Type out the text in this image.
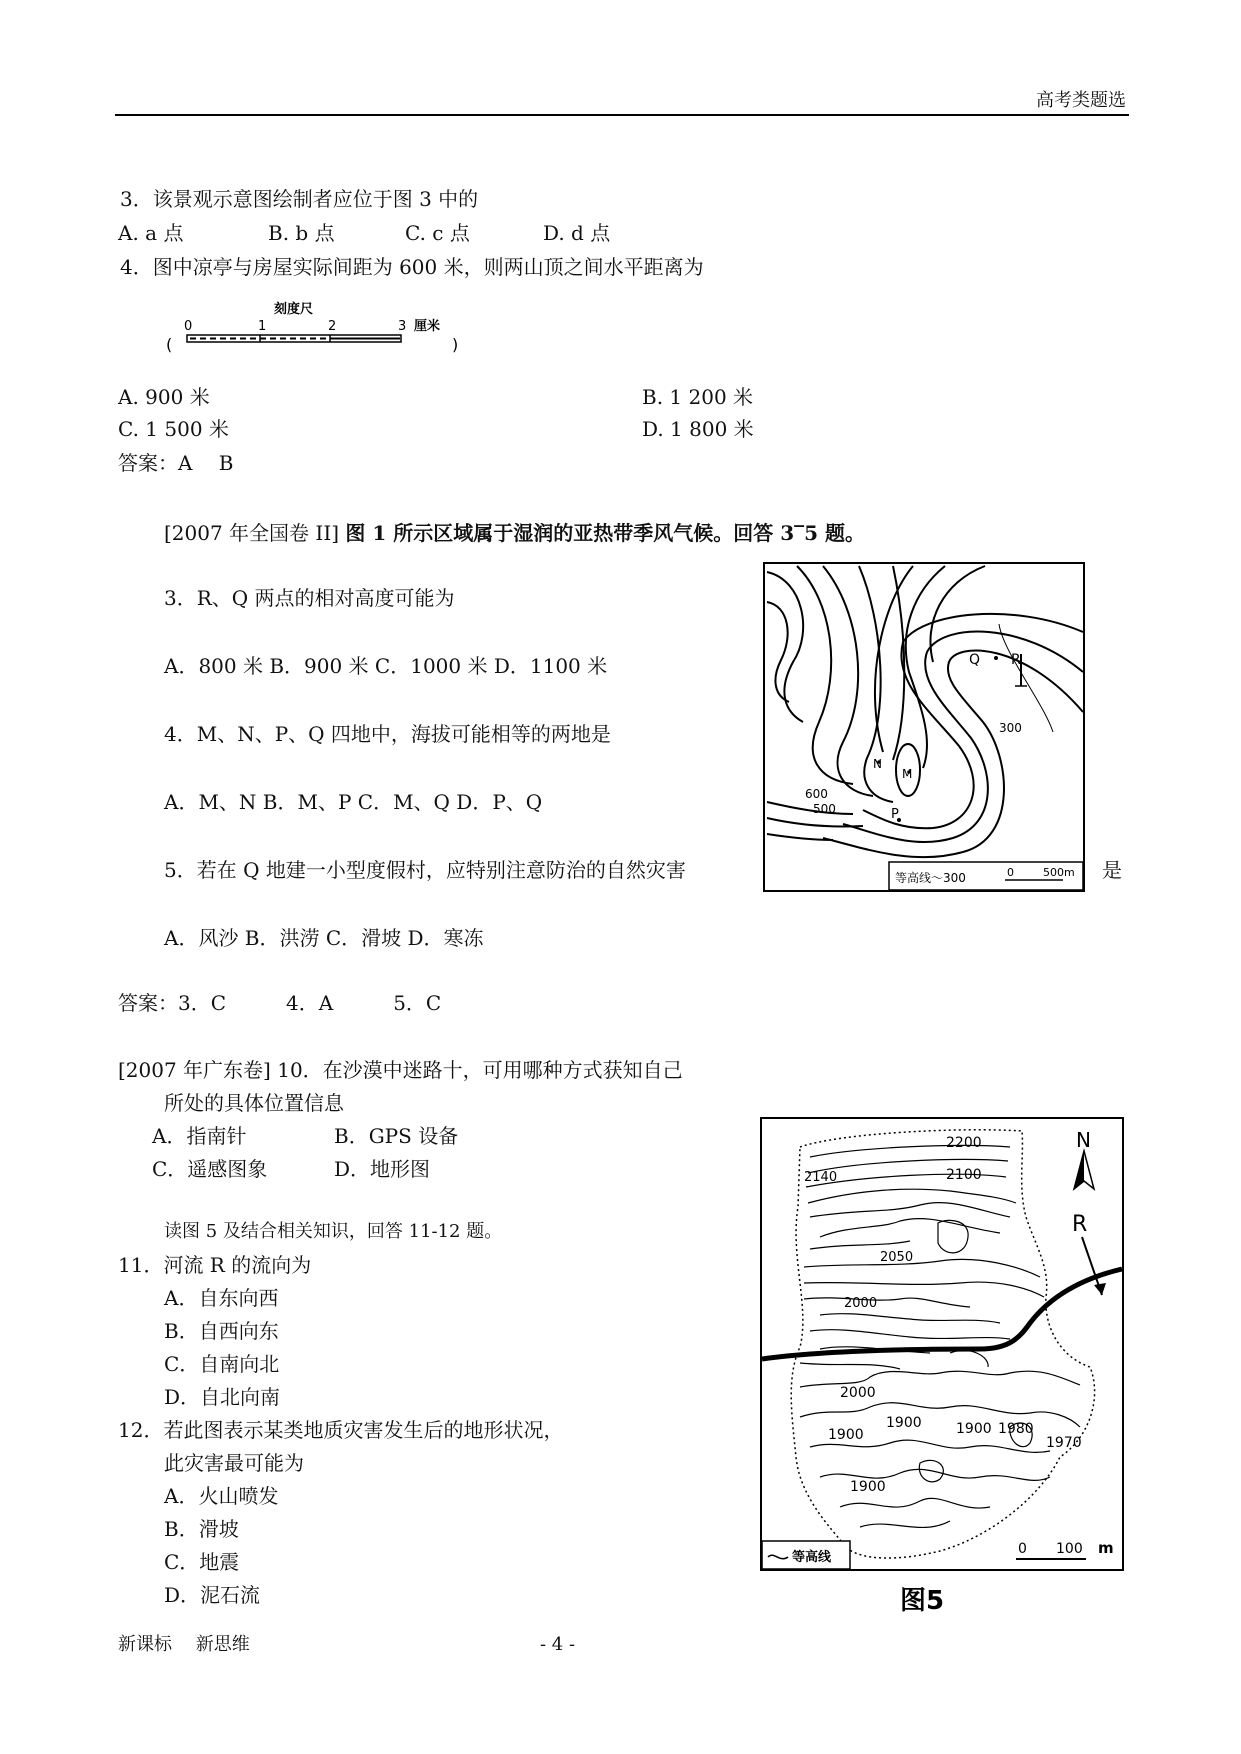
高考类题选
3．该景观示意图绘制者应位于图 3 中的
A. a 点	B. b 点	C. c 点	D. d 点
4．图中凉亭与房屋实际间距为 600 米，则两山顶之间水平距离为
刻度尺
0	1	2	3 厘米
(	)
A. 900 米	B. 1 200 米
C. 1 500 米	D. 1 800 米
答案：A　 B
[2007 年全国卷 II] 图 1 所示区域属于湿润的亚热带季风气候。回答 3‾5 题。
3．R、Q 两点的相对高度可能为
A．800 米 B．900 米 C．1000 米 D．1100 米
4．M、N、P、Q 四地中，海拔可能相等的两地是
A．M、N B．M、P C．M、Q D．P、Q
5．若在 Q 地建一小型度假村，应特别注意防治的自然灾害	是
A．风沙 B．洪涝 C．滑坡 D．寒冻
答案：3．C　　　4．A　　　5．C
Q R
N
M
P
300
600
500
等高线～300	0	500m
[2007 年广东卷] 10．在沙漠中迷路十，可用哪种方式获知自己
所处的具体位置信息
A．指南针	B．GPS 设备
C．遥感图象	D．地形图
读图 5 及结合相关知识，回答 11-12 题。
11．河流 R 的流向为
A．自东向西
B．自西向东
C．自南向北
D．自北向南
12．若此图表示某类地质灾害发生后的地形状况，
此灾害最可能为
A．火山喷发
B．滑坡
C．地震
D．泥石流
N
R
2200
2140	2100
2050
2000
2000
1900
1900 1900 1980
1970
1900
等高线
0 100 m
图5
新课标　 新思维	- 4 -
